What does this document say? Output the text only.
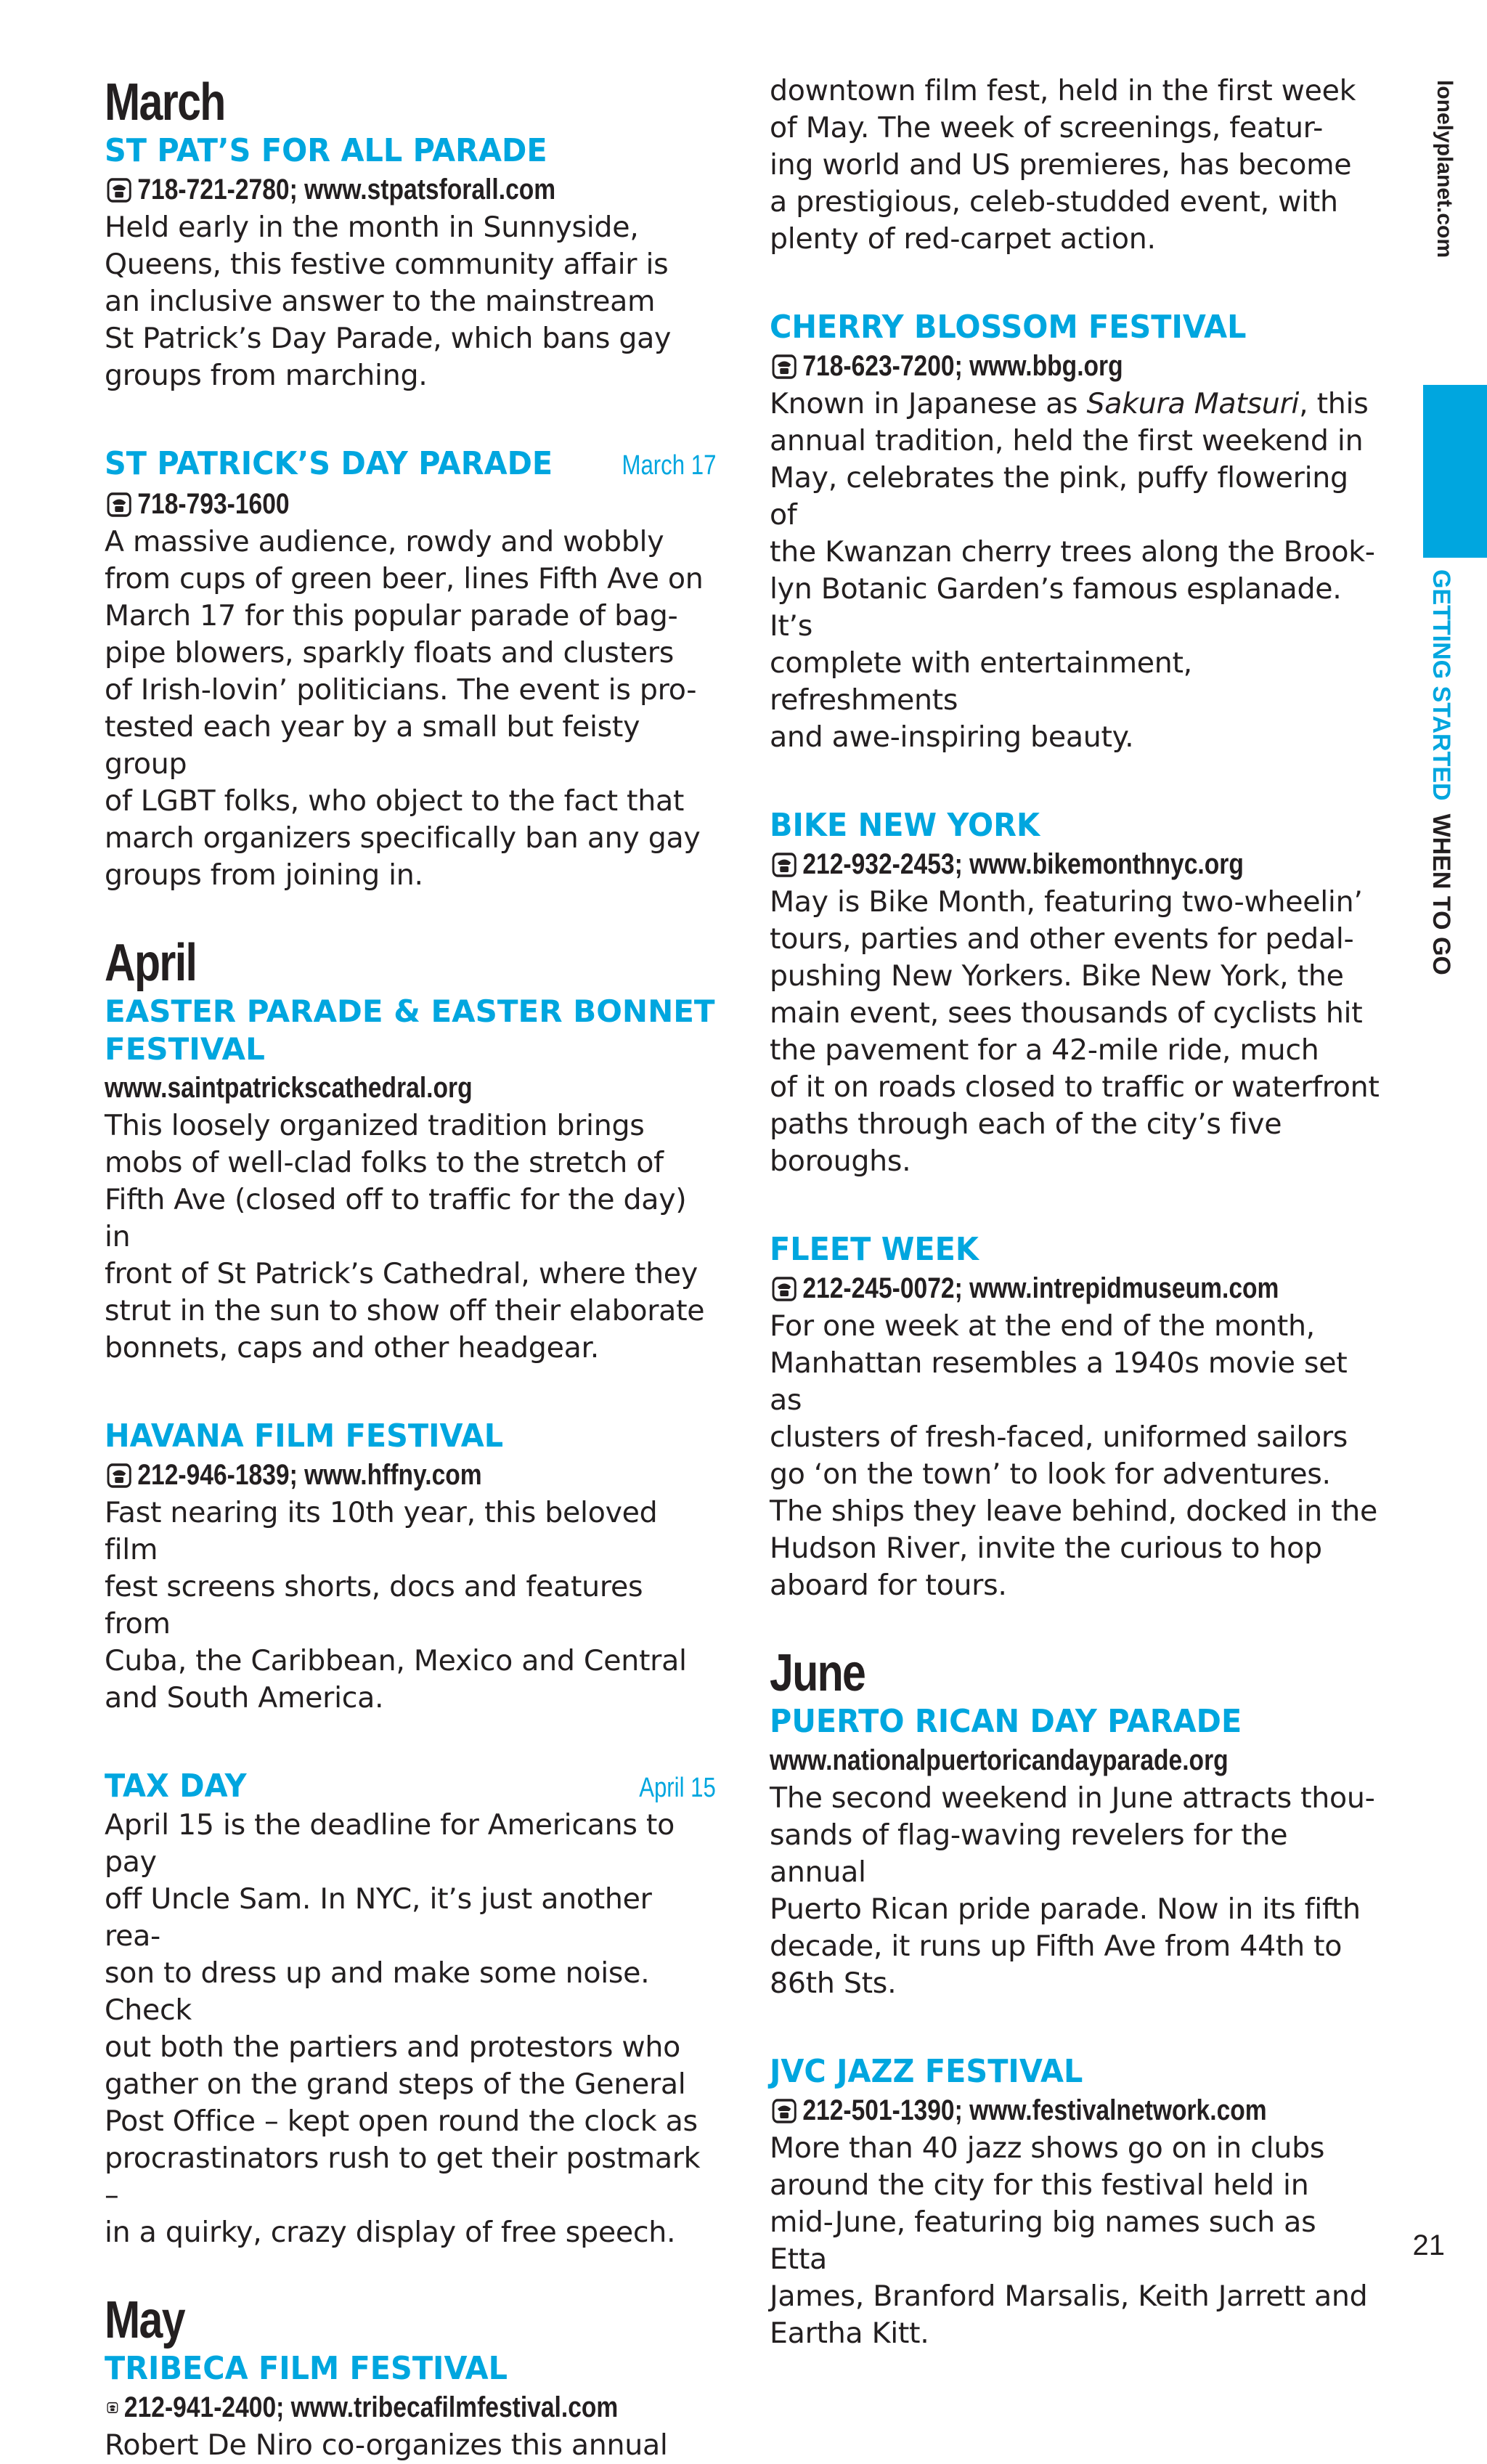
March
ST PAT’S FOR ALL PARADE
718-721-2780; www.stpatsforall.com

Held early in the month in Sunnyside,
Queens, this festive community affair is
an inclusive answer to the mainstream
St Patrick’s Day Parade, which bans gay
groups from marching.

ST PATRICK’S DAY PARADE March 17
718-793-1600

A massive audience, rowdy and wobbly
from cups of green beer, lines Fifth Ave on
March 17 for this popular parade of bag-
pipe blowers, sparkly floats and clusters
of Irish-lovin’ politicians. The event is pro-
tested each year by a small but feisty group
of LGBT folks, who object to the fact that
march organizers specifically ban any gay
groups from joining in.

April
EASTER PARADE & EASTER BONNET
FESTIVAL
www.saintpatrickscathedral.org

This loosely organized tradition brings
mobs of well-clad folks to the stretch of
Fifth Ave (closed off to traffic for the day) in
front of St Patrick’s Cathedral, where they
strut in the sun to show off their elaborate
bonnets, caps and other headgear.

HAVANA FILM FESTIVAL
212-946-1839; www.hffny.com

Fast nearing its 10th year, this beloved film
fest screens shorts, docs and features from
Cuba, the Caribbean, Mexico and Central
and South America.

TAX DAY	April 15

April 15 is the deadline for Americans to pay
off Uncle Sam. In NYC, it’s just another rea-
son to dress up and make some noise. Check
out both the partiers and protestors who
gather on the grand steps of the General
Post Office – kept open round the clock as
procrastinators rush to get their postmark –
in a quirky, crazy display of free speech.

May
TRIBECA FILM FESTIVAL
212-941-2400; www.tribecafilmfestival.com

Robert De Niro co-organizes this annual

downtown film fest, held in the first week
of May. The week of screenings, featur-
ing world and US premieres, has become
a prestigious, celeb-studded event, with
plenty of red-carpet action.

CHERRY BLOSSOM FESTIVAL
718-623-7200; www.bbg.org

Known in Japanese as Sakura Matsuri, this
annual tradition, held the first weekend in
May, celebrates the pink, puffy flowering of
the Kwanzan cherry trees along the Brook-
lyn Botanic Garden’s famous esplanade. It’s
complete with entertainment, refreshments
and awe-inspiring beauty.

BIKE NEW YORK
212-932-2453; www.bikemonthnyc.org

May is Bike Month, featuring two-wheelin’
tours, parties and other events for pedal-
pushing New Yorkers. Bike New York, the
main event, sees thousands of cyclists hit
the pavement for a 42-mile ride, much
of it on roads closed to traffic or waterfront
paths through each of the city’s five
boroughs.

FLEET WEEK
212-245-0072; www.intrepidmuseum.com

For one week at the end of the month,
Manhattan resembles a 1940s movie set as
clusters of fresh-faced, uniformed sailors
go ‘on the town’ to look for adventures.
The ships they leave behind, docked in the
Hudson River, invite the curious to hop
aboard for tours.

June
PUERTO RICAN DAY PARADE
www.nationalpuertoricandayparade.org

The second weekend in June attracts thou-
sands of flag-waving revelers for the annual
Puerto Rican pride parade. Now in its fifth
decade, it runs up Fifth Ave from 44th to
86th Sts.

JVC JAZZ FESTIVAL
212-501-1390; www.festivalnetwork.com

More than 40 jazz shows go on in clubs
around the city for this festival held in
mid-June, featuring big names such as Etta
James, Branford Marsalis, Keith Jarrett and
Eartha Kitt.

lonelyplanet.com
GETTING STARTEDWHEN TO GO
21
